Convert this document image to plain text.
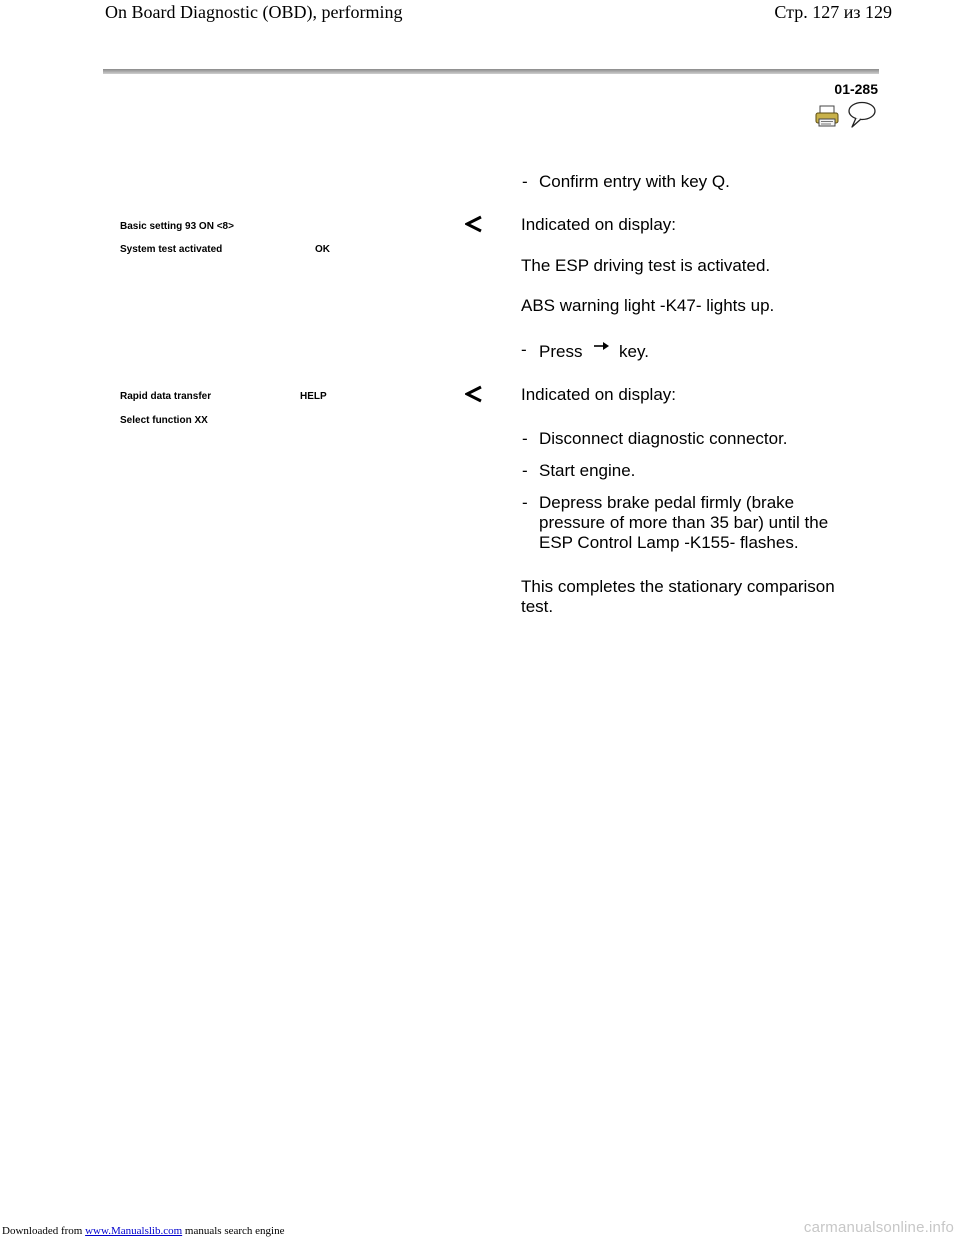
On Board Diagnostic (OBD), performing	Стр. 127 из 129
01-285
- Confirm entry with key Q.
Basic setting 93 ON <8>
System test activated	OK
Indicated on display:
The ESP driving test is activated.
ABS warning light -K47- lights up.
- Press key.
Rapid data transfer	HELP
Select function XX
Indicated on display:
- Disconnect diagnostic connector.
- Start engine.
- Depress brake pedal firmly (brake pressure of more than 35 bar) until the ESP Control Lamp -K155- flashes.
This completes the stationary comparison test.
Downloaded from www.Manualslib.com manuals search engine	carmanualsonline.info
